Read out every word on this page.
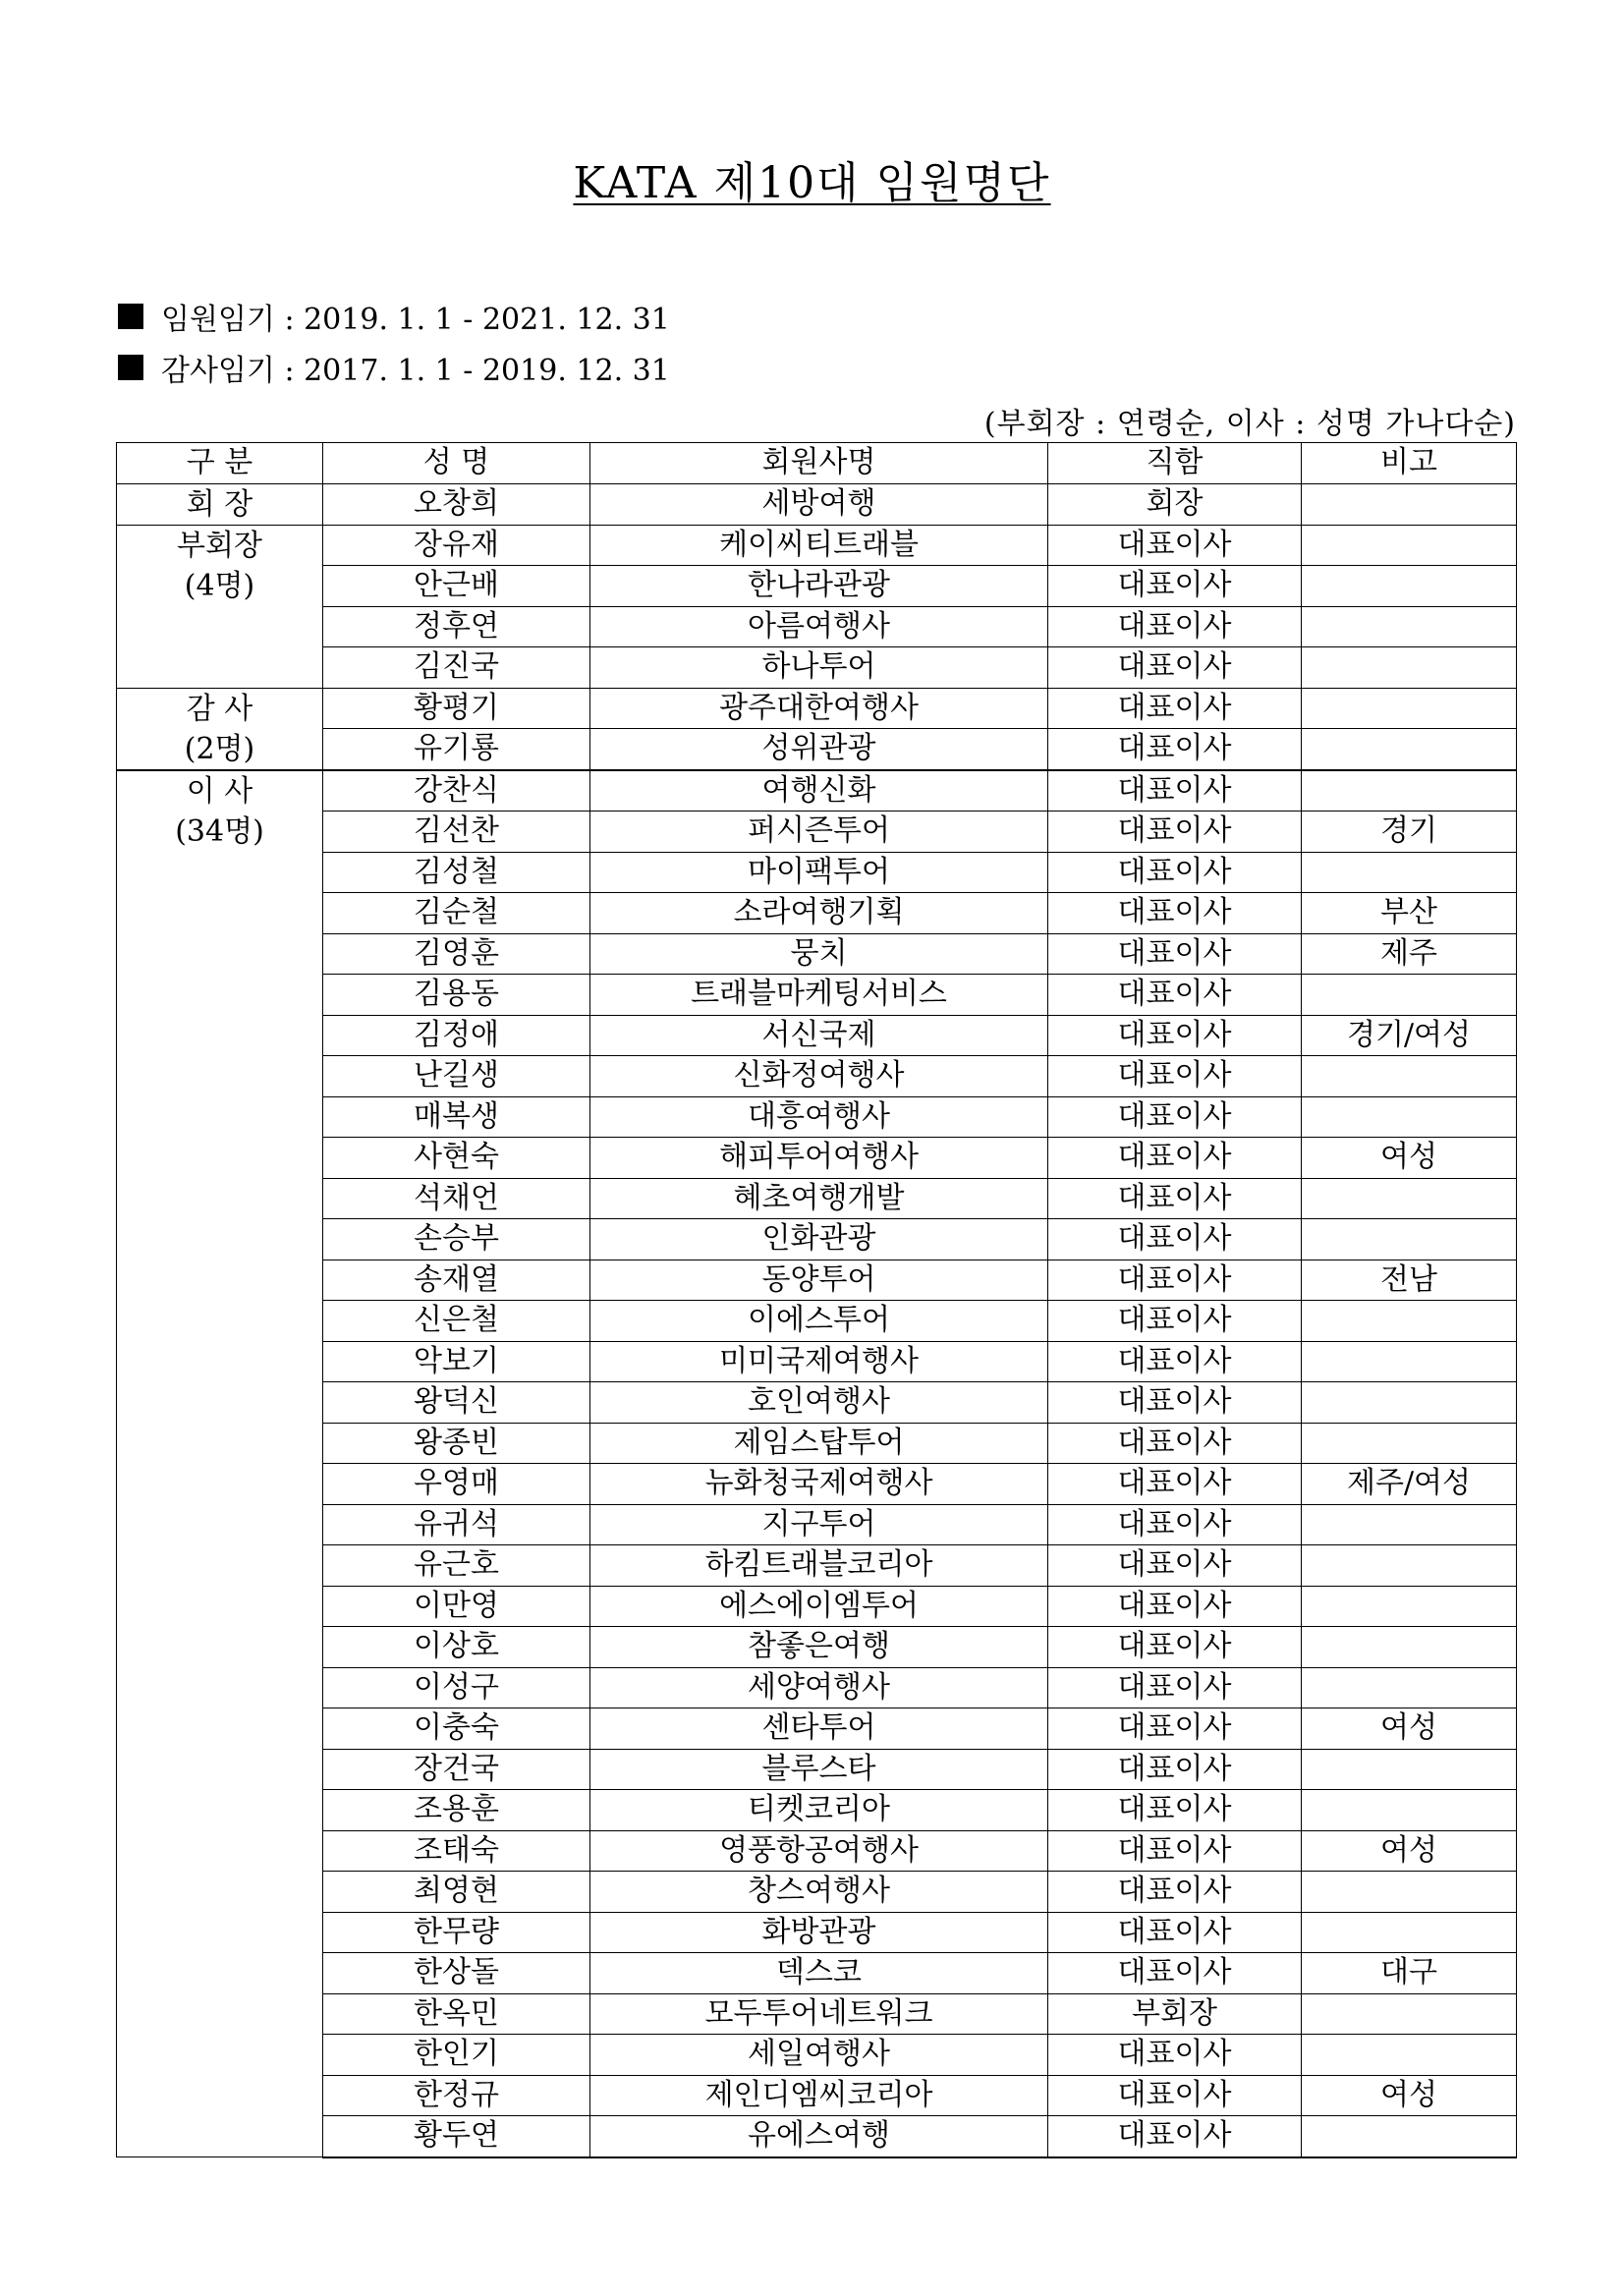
KATA 제10대 임원명단
임원임기 : 2019. 1. 1 - 2021. 12. 31
감사임기 : 2017. 1. 1 - 2019. 12. 31
(부회장 : 연령순, 이사 : 성명 가나다순)
구 분	성 명	회원사명	직함	비고

회 장	오창희	세방여행	회장	

부회장
(4명)	장유재	케이씨티트래블	대표이사	
	안근배	한나라관광	대표이사	
	정후연	아름여행사	대표이사	
	김진국	하나투어	대표이사	

감 사
(2명)	황평기	광주대한여행사	대표이사	
	유기룡	성위관광	대표이사	

이 사
(34명)	강찬식	여행신화	대표이사	
	김선찬	퍼시즌투어	대표이사	경기
	김성철	마이팩투어	대표이사	
	김순철	소라여행기획	대표이사	부산
	김영훈	뭉치	대표이사	제주
	김용동	트래블마케팅서비스	대표이사	
	김정애	서신국제	대표이사	경기/여성
	난길생	신화정여행사	대표이사	
	매복생	대흥여행사	대표이사	
	사현숙	해피투어여행사	대표이사	여성
	석채언	혜초여행개발	대표이사	
	손승부	인화관광	대표이사	
	송재열	동양투어	대표이사	전남
	신은철	이에스투어	대표이사	
	악보기	미미국제여행사	대표이사	
	왕덕신	호인여행사	대표이사	
	왕종빈	제임스탑투어	대표이사	
	우영매	뉴화청국제여행사	대표이사	제주/여성
	유귀석	지구투어	대표이사	
	유근호	하킴트래블코리아	대표이사	
	이만영	에스에이엠투어	대표이사	
	이상호	참좋은여행	대표이사	
	이성구	세양여행사	대표이사	
	이충숙	센타투어	대표이사	여성
	장건국	블루스타	대표이사	
	조용훈	티켓코리아	대표이사	
	조태숙	영풍항공여행사	대표이사	여성
	최영현	창스여행사	대표이사	
	한무량	화방관광	대표이사	
	한상돌	덱스코	대표이사	대구
	한옥민	모두투어네트워크	부회장	
	한인기	세일여행사	대표이사	
	한정규	제인디엠씨코리아	대표이사	여성
	황두연	유에스여행	대표이사	
